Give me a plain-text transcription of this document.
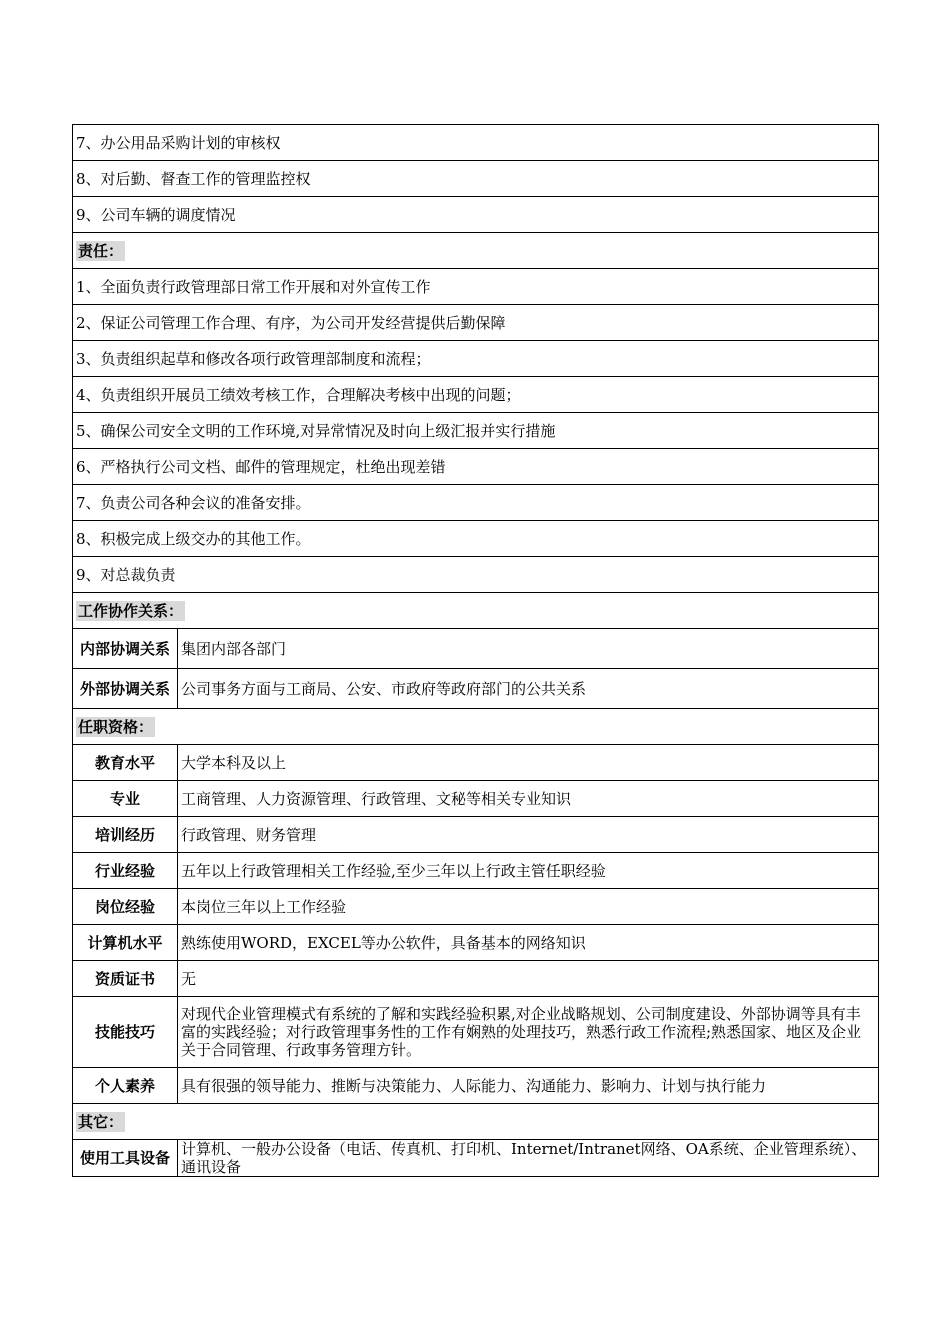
7、办公用品采购计划的审核权	
8、对后勤、督查工作的管理监控权	
9、公司车辆的调度情况	
责任：	
1、全面负责行政管理部日常工作开展和对外宣传工作	
2、保证公司管理工作合理、有序，为公司开发经营提供后勤保障	
3、负责组织起草和修改各项行政管理部制度和流程；	
4、负责组织开展员工绩效考核工作，合理解决考核中出现的问题；	
5、确保公司安全文明的工作环境,对异常情况及时向上级汇报并实行措施	
6、严格执行公司文档、邮件的管理规定，杜绝出现差错	
7、负责公司各种会议的准备安排。	
8、积极完成上级交办的其他工作。	
9、对总裁负责	
工作协作关系：	
内部协调关系	集团内部各部门
外部协调关系	公司事务方面与工商局、公安、市政府等政府部门的公共关系
任职资格：	
教育水平	大学本科及以上
专业	工商管理、人力资源管理、行政管理、文秘等相关专业知识
培训经历	行政管理、财务管理
行业经验	五年以上行政管理相关工作经验,至少三年以上行政主管任职经验
岗位经验	本岗位三年以上工作经验
计算机水平	熟练使用WORD，EXCEL等办公软件，具备基本的网络知识
资质证书	无
技能技巧	对现代企业管理模式有系统的了解和实践经验积累,对企业战略规划、公司制度建设、外部协调等具有丰富的实践经验；对行政管理事务性的工作有娴熟的处理技巧，熟悉行政工作流程;熟悉国家、地区及企业关于合同管理、行政事务管理方针。
个人素养	具有很强的领导能力、推断与决策能力、人际能力、沟通能力、影响力、计划与执行能力
其它：	
使用工具设备	计算机、一般办公设备（电话、传真机、打印机、Internet/Intranet网络、OA系统、企业管理系统）、通讯设备
